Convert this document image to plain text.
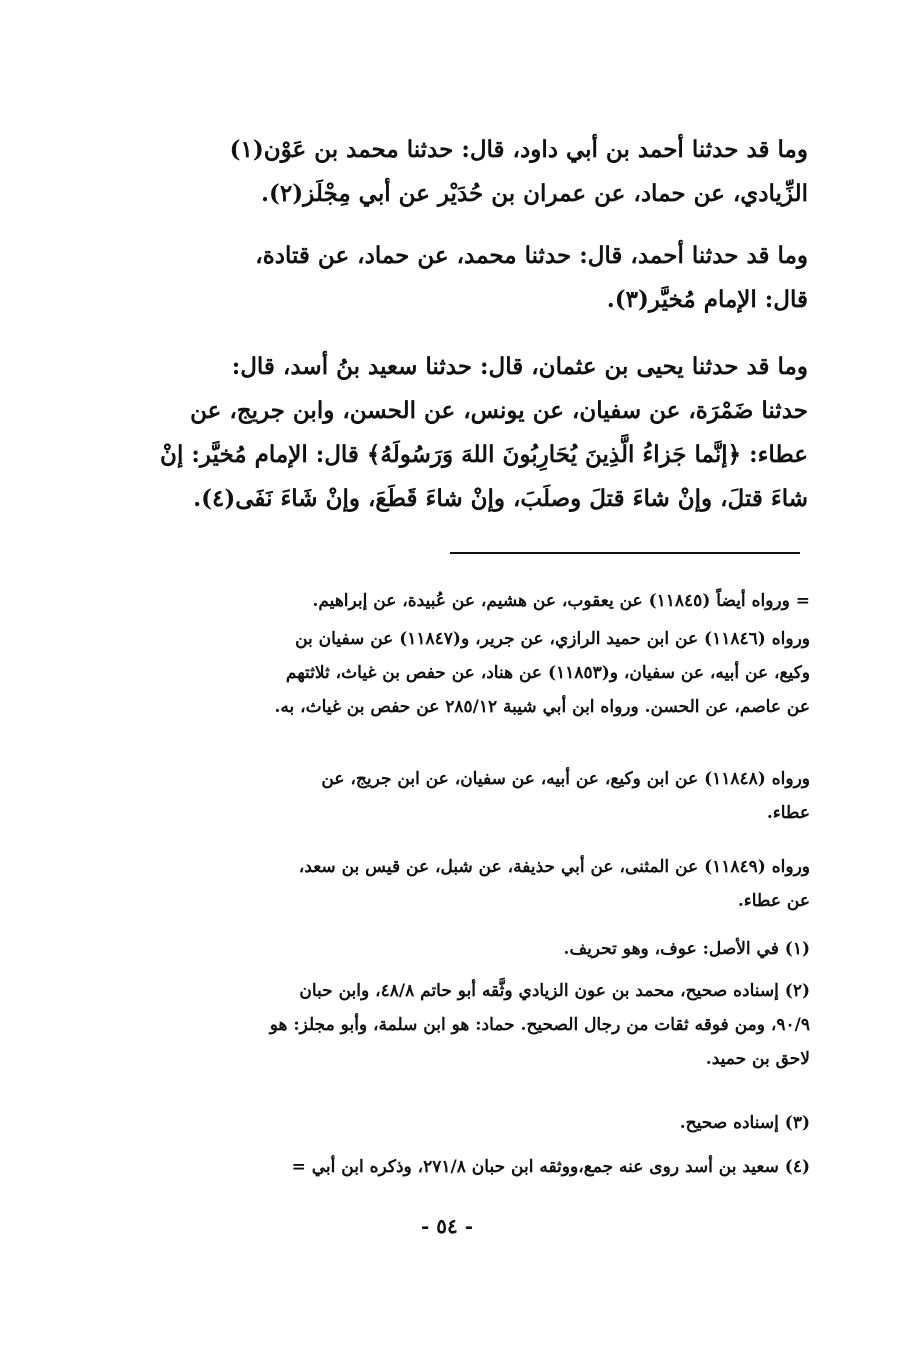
وما قد حدثنا أحمد بن أبي داود، قال: حدثنا محمد بن عَوْن(١)
الزِّيادي، عن حماد، عن عمران بن حُدَيْر عن أبي مِجْلَز(٢).
وما قد حدثنا أحمد، قال: حدثنا محمد، عن حماد، عن قتادة،
قال: الإمام مُخيَّر(٣).
وما قد حدثنا يحيى بن عثمان، قال: حدثنا سعيد بنُ أسد، قال:
حدثنا ضَمْرَة، عن سفيان، عن يونس، عن الحسن، وابن جريج، عن
عطاء: ﴿إنَّما جَزاءُ الَّذِينَ يُحَارِبُونَ اللهَ وَرَسُولَهُ﴾ قال: الإمام مُخيَّر: إنْ
شاءَ قتلَ، وإنْ شاءَ قتلَ وصلَبَ، وإنْ شاءَ قَطَعَ، وإنْ شَاءَ نَفَى(٤).
= ورواه أيضاً (١١٨٤٥) عن يعقوب، عن هشيم، عن عُبيدة، عن إبراهيم.
ورواه (١١٨٤٦) عن ابن حميد الرازي، عن جرير، و(١١٨٤٧) عن سفيان بن
وكيع، عن أبيه، عن سفيان، و(١١٨٥٣) عن هناد، عن حفص بن غياث، ثلاثتهم
عن عاصم، عن الحسن. ورواه ابن أبي شيبة ٢٨٥/١٢ عن حفص بن غياث، به.
ورواه (١١٨٤٨) عن ابن وكيع، عن أبيه، عن سفيان، عن ابن جريج، عن
عطاء.
ورواه (١١٨٤٩) عن المثنى، عن أبي حذيفة، عن شبل، عن قيس بن سعد،
عن عطاء.
(١) في الأصل: عوف، وهو تحريف.
(٢) إسناده صحيح، محمد بن عون الزيادي وثَّقه أبو حاتم ٤٨/٨، وابن حبان
٩٠/٩، ومن فوقه ثقات من رجال الصحيح. حماد: هو ابن سلمة، وأبو مجلز: هو
لاحق بن حميد.
(٣) إسناده صحيح.
(٤) سعيد بن أسد روى عنه جمع،ووثقه ابن حبان ٢٧١/٨، وذكره ابن أبي =
- ٥٤ -
